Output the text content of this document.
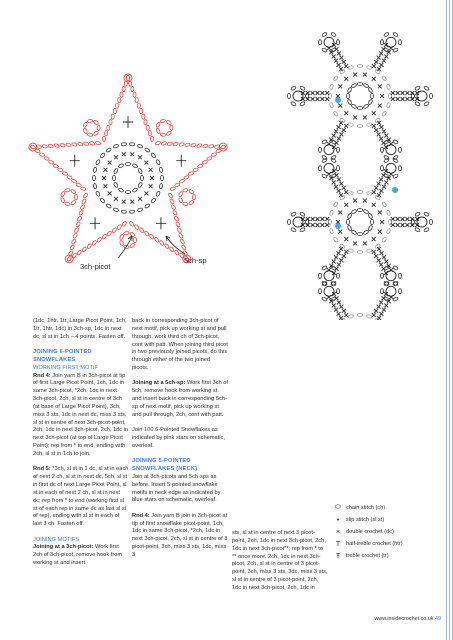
3ch-picot
5ch-sp

(1dc, 1htr, 1tr, Large Picot Point, 1ch, 1tr, 1htr, 1dc) in 3ch-sp, 1dc in next dc, sl st in 1ch – 4 points. Fasten off.

JOINING 6-POINTED SNOWFLAKES
WORKING FIRST MOTIF

Rnd 4: Join yarn B in 3ch-picot at tip of first Large Picot Point, 1ch, 1dc in same 3ch-picot, *2ch, 1dc in next 3ch-picot, 2ch, sl st in centre of 3ch (at base of Large Picot Point), 3ch, miss 3 sts, 1dc in next dc, miss 3 sts, sl st in centre of next 3ch-picot-point, 2ch, 1dc in next 3ch-picot, 2ch, 1dc in next 3ch-picot (at top of Large Picot Point); rep from * to end, ending with 2ch, sl st in 1ch to join.

Rnd 5: *3ch, sl st in 1 dc, sl st in each of next 2 ch, sl st in next dc, 5ch, sl st in first dc of next Large Picot Point, sl st in each of next 2 ch, sl st in next dc; rep from * to end (working first sl st of each rep in same dc as last sl st of rep), ending with sl st in each of last 3 ch. Fasten off.

JOINING MOTIFS

Joining at a 3ch-picot: Work first 2ch of 3ch-picot, remove hook from working st and insert

back in corresponding 3ch-picot of next motif, pick up working st and pull through, work third ch of 3ch-picot, cont with patt. When joining third picot in two previously joined picots, do this through either of the two joined picots.

Joining at a 5ch-sp: Work first 3ch of 5ch, remove hook from working st and insert back in corresponding 5ch-sp of next motif, pick up working st and pull through, 2ch, cont with patt.

Join 100 6-Pointed Snowflakes as indicated by pink stars on schematic, overleaf.

JOINING 5-POINTED SNOWFLAKES (NECK)

Join at 3ch-picots and 5ch-sps as before. Insert 5-pointed snowflake motifs in neck edge as indicated by blue stars on schematic, overleaf.

Rnd 4: Join yarn B join in 3ch-picot at tip of first snowflake picot-point, 1ch, 1dc in same 3ch-picot, *2ch, 1dc in next 3ch-picot, 2ch, sl st in centre of 3 picot-point, 3ch, miss 3 sts, 1dc, miss 3

sts, sl st in centre of next 3 picot-point, 2ch, 1dc in next 3ch-picot, 2ch, 1dc in next 3ch-picot**; rep from * to ** once more, 2ch, 1dc in next 3ch-picot, 2ch, sl st in centre of 3 picot-point, 3ch, miss 3 sts, 3dc, miss 3 sts, sl st in centre of 3 picot-point, 2ch, 1dc in next 3ch-picot, 2ch, 1dc in

⬭ chain stitch (ch)
•	slip stitch (sl st)
×	double crochet (dc)
T	half-treble crochet (htr)
Ŧ	treble crochet (tr)
www.insidecrochet.co.uk 49
